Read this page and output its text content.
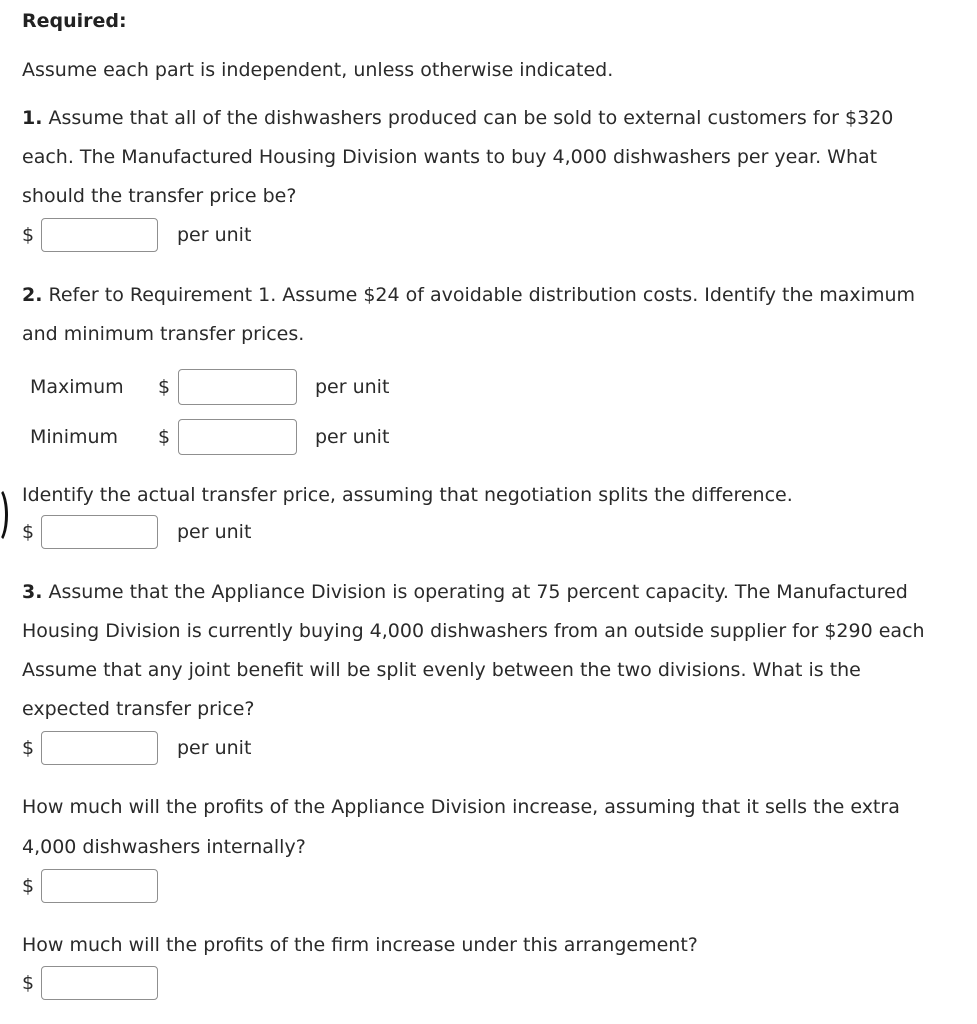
Required:
Assume each part is independent, unless otherwise indicated.
1. Assume that all of the dishwashers produced can be sold to external customers for $320
each. The Manufactured Housing Division wants to buy 4,000 dishwashers per year. What
should the transfer price be?
$	per unit
2. Refer to Requirement 1. Assume $24 of avoidable distribution costs. Identify the maximum
and minimum transfer prices.
Maximum	$	per unit
Minimum	$	per unit
Identify the actual transfer price, assuming that negotiation splits the difference.
$	per unit
3. Assume that the Appliance Division is operating at 75 percent capacity. The Manufactured
Housing Division is currently buying 4,000 dishwashers from an outside supplier for $290 each
Assume that any joint benefit will be split evenly between the two divisions. What is the
expected transfer price?
$	per unit
How much will the profits of the Appliance Division increase, assuming that it sells the extra
4,000 dishwashers internally?
$
How much will the profits of the firm increase under this arrangement?
$
